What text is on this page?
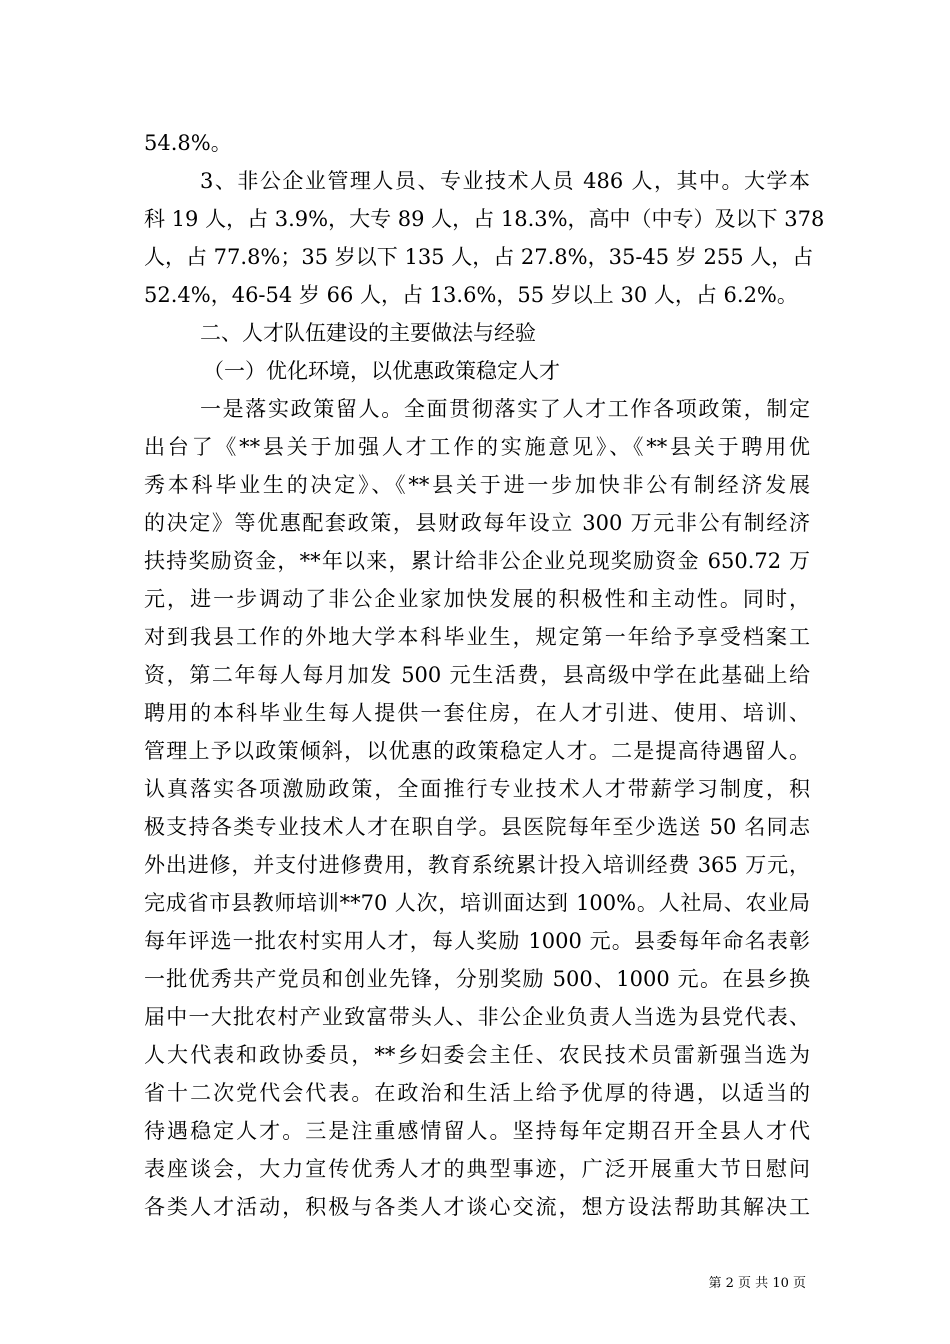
54.8%。
3、非公企业管理人员、专业技术人员 486 人，其中。大学本
科 19 人，占 3.9%，大专 89 人，占 18.3%，高中（中专）及以下 378
人，占 77.8%；35 岁以下 135 人，占 27.8%，35-45 岁 255 人，占
52.4%，46-54 岁 66 人，占 13.6%，55 岁以上 30 人，占 6.2%。
二、人才队伍建设的主要做法与经验
（一）优化环境，以优惠政策稳定人才
一是落实政策留人。全面贯彻落实了人才工作各项政策，制定
出台了《**县关于加强人才工作的实施意见》、《**县关于聘用优
秀本科毕业生的决定》、《**县关于进一步加快非公有制经济发展
的决定》等优惠配套政策，县财政每年设立 300 万元非公有制经济
扶持奖励资金，**年以来，累计给非公企业兑现奖励资金 650.72 万
元，进一步调动了非公企业家加快发展的积极性和主动性。同时，
对到我县工作的外地大学本科毕业生，规定第一年给予享受档案工
资，第二年每人每月加发 500 元生活费，县高级中学在此基础上给
聘用的本科毕业生每人提供一套住房，在人才引进、使用、培训、
管理上予以政策倾斜，以优惠的政策稳定人才。二是提高待遇留人。
认真落实各项激励政策，全面推行专业技术人才带薪学习制度，积
极支持各类专业技术人才在职自学。县医院每年至少选送 50 名同志
外出进修，并支付进修费用，教育系统累计投入培训经费 365 万元，
完成省市县教师培训**70 人次，培训面达到 100%。人社局、农业局
每年评选一批农村实用人才，每人奖励 1000 元。县委每年命名表彰
一批优秀共产党员和创业先锋，分别奖励 500、1000 元。在县乡换
届中一大批农村产业致富带头人、非公企业负责人当选为县党代表、
人大代表和政协委员，**乡妇委会主任、农民技术员雷新强当选为
省十二次党代会代表。在政治和生活上给予优厚的待遇，以适当的
待遇稳定人才。三是注重感情留人。坚持每年定期召开全县人才代
表座谈会，大力宣传优秀人才的典型事迹，广泛开展重大节日慰问
各类人才活动，积极与各类人才谈心交流，想方设法帮助其解决工
第 2 页 共 10 页
